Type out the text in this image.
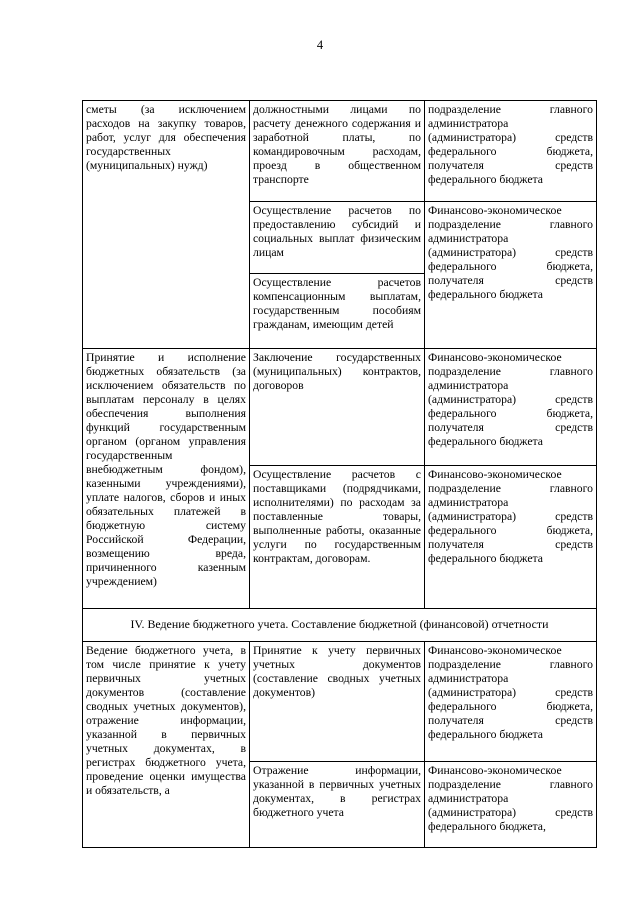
4
сметы (за исключением расходов на закупку товаров, работ, услуг для обеспечения государственных
(муниципальных) нужд)	должностными лицами по расчету денежного содержания и заработной платы, по командировочным расходам, проезд в общественном транспорте	подразделение главного администратора (администратора) средств федерального бюджета, получателя средств федерального бюджета

	Осуществление расчетов по предоставлению субсидий и социальных выплат физическим лицам	Финансово-экономическое подразделение главного администратора (администратора) средств федерального бюджета, получателя средств федерального бюджета

	Осуществление расчетов компенсационным выплатам, государственным пособиям гражданам, имеющим детей	

Принятие и исполнение бюджетных обязательств (за исключением обязательств по выплатам персоналу в целях обеспечения выполнения функций государственным органом (органом управления государственным внебюджетным фондом), казенными учреждениями), уплате налогов, сборов и иных обязательных платежей в бюджетную систему Российской Федерации, возмещению вреда, причиненного казенным учреждением)	Заключение государственных (муниципальных) контрактов, договоров	Финансово-экономическое подразделение главного администратора (администратора) средств федерального бюджета, получателя средств федерального бюджета

	Осуществление расчетов с поставщиками (подрядчиками, исполнителями) по расходам за поставленные товары, выполненные работы, оказанные услуги по государственным контрактам, договорам.	Финансово-экономическое подразделение главного администратора (администратора) средств федерального бюджета, получателя средств федерального бюджета

IV. Ведение бюджетного учета. Составление бюджетной (финансовой) отчетности		

Ведение бюджетного учета, в том числе принятие к учету первичных учетных документов (составление сводных учетных документов), отражение информации, указанной в первичных учетных документах, в регистрах бюджетного учета, проведение оценки имущества и обязательств, а	Принятие к учету первичных учетных документов (составление сводных учетных документов)	Финансово-экономическое подразделение главного администратора (администратора) средств федерального бюджета, получателя средств федерального бюджета

	Отражение информации, указанной в первичных учетных документах, в регистрах бюджетного учета	Финансово-экономическое подразделение главного администратора (администратора) средств федерального бюджета,
